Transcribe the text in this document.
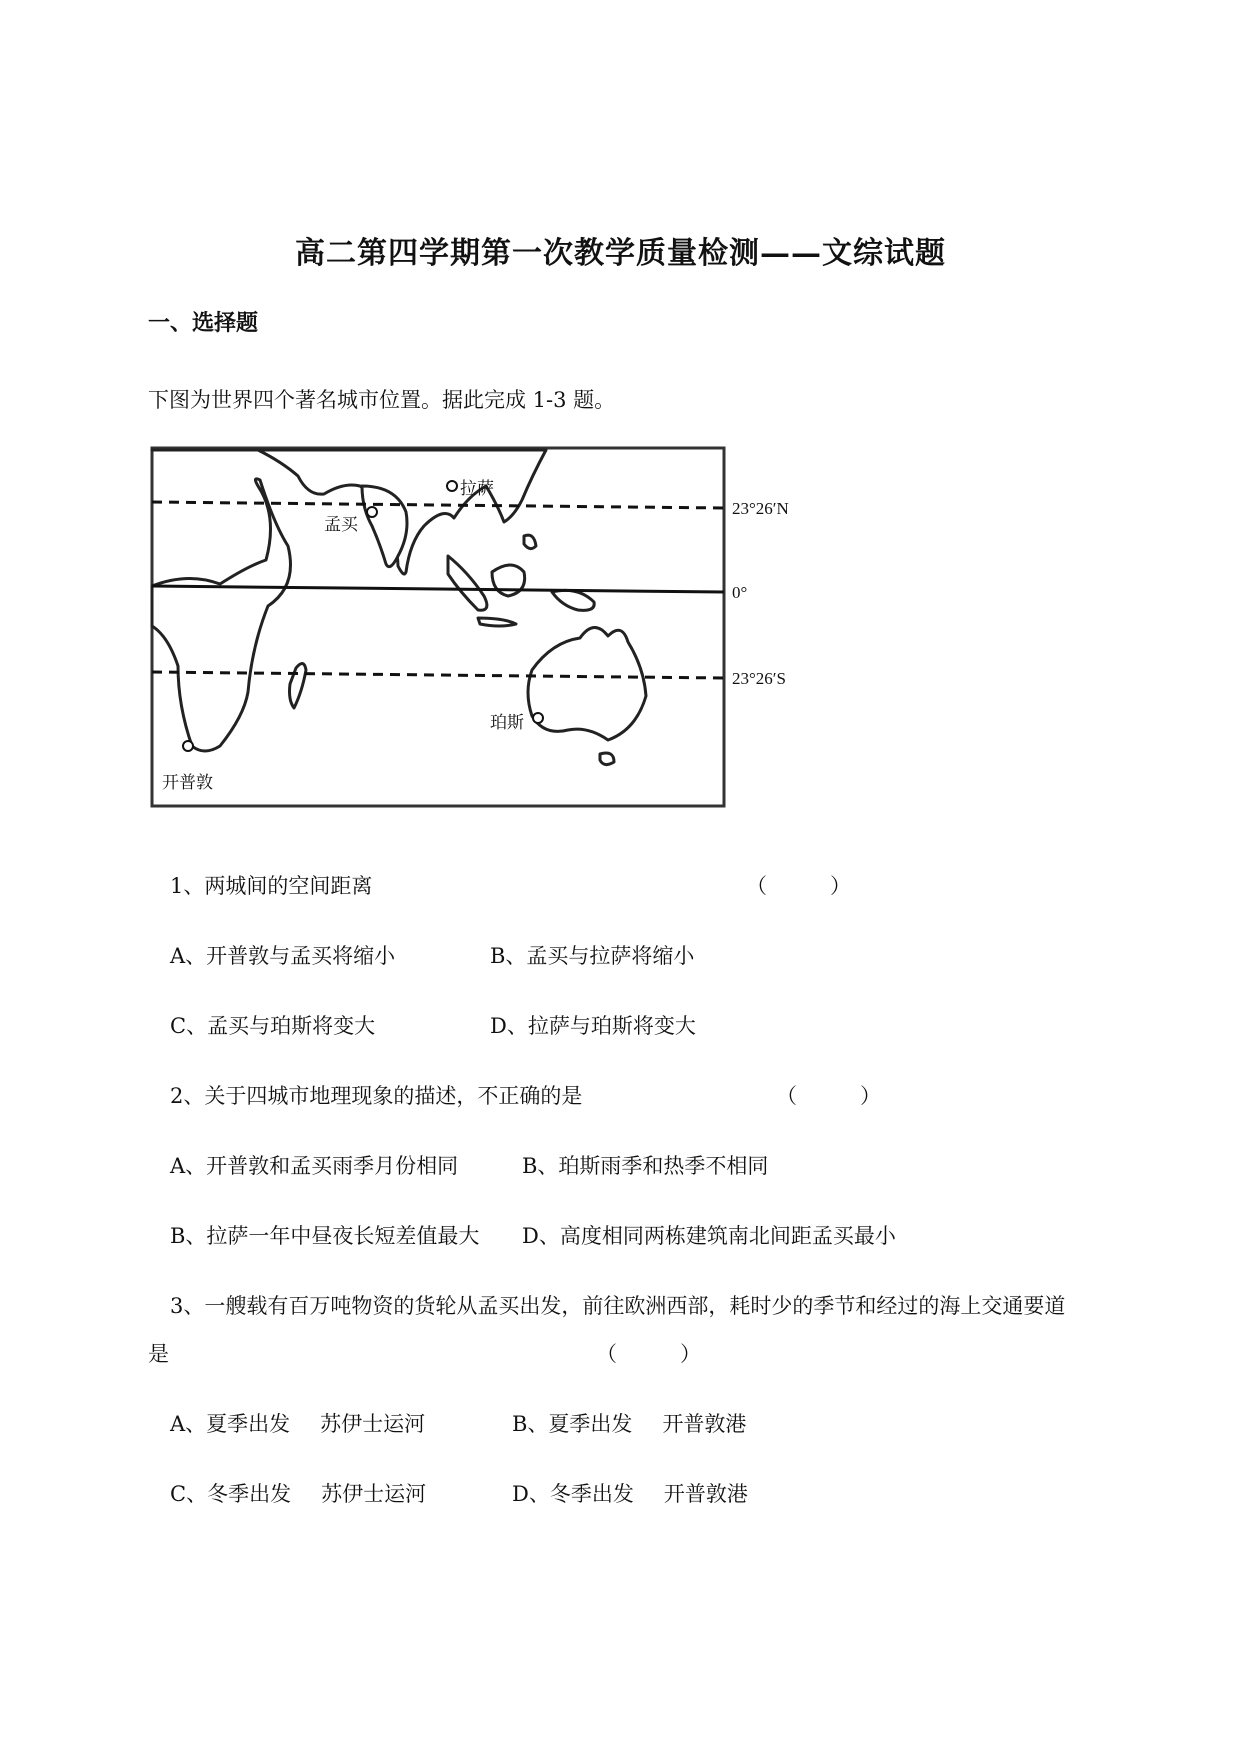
高二第四学期第一次教学质量检测——文综试题
一、选择题
下图为世界四个著名城市位置。据此完成 1-3 题。
23°26′N
0°
23°26′S
拉萨
孟买
开普敦
珀斯
1、两城间的空间距离	（　　　）
A、开普敦与孟买将缩小	B、孟买与拉萨将缩小
C、孟买与珀斯将变大	D、拉萨与珀斯将变大
2、关于四城市地理现象的描述，不正确的是	（　　　）
A、开普敦和孟买雨季月份相同	B、珀斯雨季和热季不相同
B、拉萨一年中昼夜长短差值最大 D、高度相同两栋建筑南北间距孟买最小
3、一艘载有百万吨物资的货轮从孟买出发，前往欧洲西部，耗时少的季节和经过的海上交通要道
是	（　　　）
A、夏季出发 苏伊士运河	B、夏季出发 开普敦港
C、冬季出发 苏伊士运河	D、冬季出发 开普敦港
